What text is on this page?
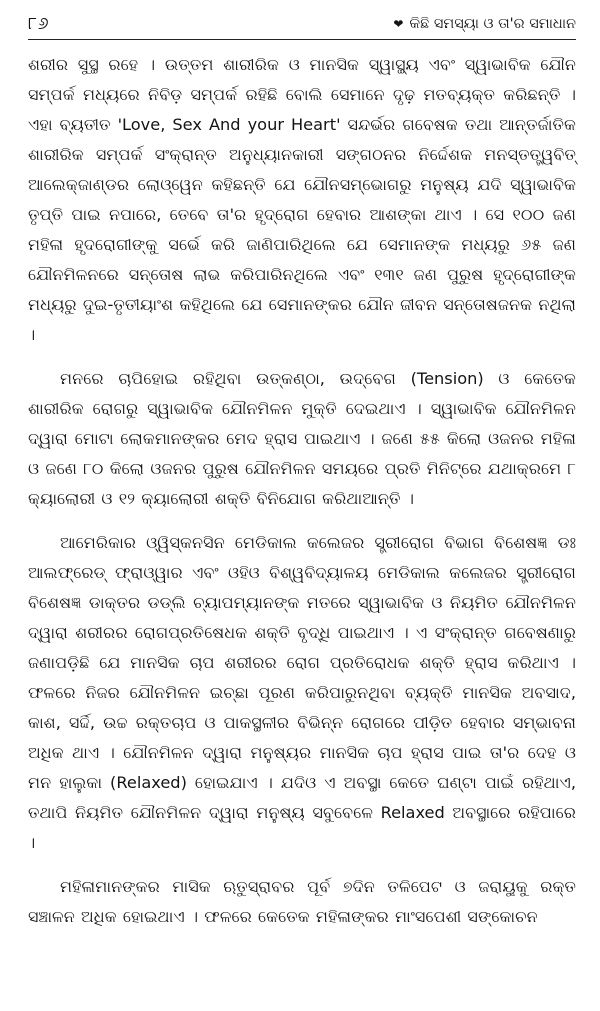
୮୬	❤ କିଛି ସମସ୍ୟା ଓ ତା'ର ସମାଧାନ

ଶରୀର ସୁସ୍ଥ ରହେ । ଉତ୍ତମ ଶାରୀରିକ ଓ ମାନସିକ ସ୍ୱାସ୍ଥ୍ୟ ଏବଂ ସ୍ୱାଭାବିକ ଯୌନ ସମ୍ପର୍କ ମଧ୍ୟରେ ନିବିଡ଼ ସମ୍ପର୍କ ରହିଛି ବୋଲି ସେମାନେ ଦୃଢ଼ ମତବ୍ୟକ୍ତ କରିଛନ୍ତି । ଏହା ବ୍ୟତୀତ 'Love, Sex And your Heart' ସନ୍ଦର୍ଭର ଗବେଷକ ତଥା ଆନ୍ତର୍ଜାତିକ ଶାରୀରିକ ସମ୍ପର୍କ ସଂକ୍ରାନ୍ତ ଅନୁଧ୍ୟାନକାରୀ ସଙ୍ଗଠନର ନିର୍ଦ୍ଦେଶକ ମନସ୍ତତ୍ତ୍ୱବିତ୍ ଆଲେକ୍‌ଜାଣ୍ଡର ଲୋଓ୍ୱେନ କହିଛନ୍ତି ଯେ ଯୌନସମ୍ଭୋଗରୁ ମନୁଷ୍ୟ ଯଦି ସ୍ୱାଭାବିକ ତୃପ୍ତି ପାଇ ନପାରେ, ତେବେ ତା'ର ହୃଦ୍‌ରୋଗ ହେବାର ଆଶଙ୍କା ଥାଏ । ସେ ୧୦୦ ଜଣ ମହିଳା ହୃଦରୋଗୀଙ୍କୁ ସର୍ଭେ କରି ଜାଣିପାରିଥିଲେ ଯେ ସେମାନଙ୍କ ମଧ୍ୟରୁ ୬୫ ଜଣ ଯୌନମିଳନରେ ସନ୍ତୋଷ ଲାଭ କରିପାରିନଥିଲେ ଏବଂ ୧୩୧ ଜଣ ପୁରୁଷ ହୃଦ୍‌ରୋଗୀଙ୍କ ମଧ୍ୟରୁ ଦୁଇ-ତୃତୀୟାଂଶ କହିଥିଲେ ଯେ ସେମାନଙ୍କର ଯୌନ ଜୀବନ ସନ୍ତୋଷଜନକ ନଥିଲା ।

ମନରେ ଚାପିହୋଇ ରହିଥିବା ଉତ୍କଣ୍ଠା, ଉଦ୍‌ବେଗ (Tension) ଓ କେତେକ ଶାରୀରିକ ରୋଗରୁ ସ୍ୱାଭାବିକ ଯୌନମିଳନ ମୁକ୍ତି ଦେଇଥାଏ । ସ୍ୱାଭାବିକ ଯୌନମିଳନ ଦ୍ୱାରା ମୋଟା ଲୋକମାନଙ୍କର ମେଦ ହ୍ରାସ ପାଇଥାଏ । ଜଣେ ୫୫ କିଲୋ ଓଜନର ମହିଳା ଓ ଜଣେ ୮୦ କିଲୋ ଓଜନର ପୁରୁଷ ଯୌନମିଳନ ସମୟରେ ପ୍ରତି ମିନିଟ୍‌ରେ ଯଥାକ୍ରମେ ୮ କ୍ୟାଲୋରୀ ଓ ୧୨ କ୍ୟାଲୋରୀ ଶକ୍ତି ବିନିଯୋଗ କରିଥାଆନ୍ତି ।

ଆମେରିକାର ଓ୍ୱିସ୍‌କନସିନ ମେଡିକାଲ କଲେଜର ସ୍ତ୍ରୀରୋଗ ବିଭାଗ ବିଶେଷଜ୍ଞ ଡଃ ଆଲଫ୍ରେଡ୍ ଫ୍ରାଓ୍ୱାର ଏବଂ ଓହିଓ ବିଶ୍ୱବିଦ୍ୟାଳୟ ମେଡିକାଲ କଲେଜର ସ୍ତ୍ରୀରୋଗ ବିଶେଷଜ୍ଞ ଡାକ୍ତର ଡଡ୍‌ଲି ଚ୍ୟାପମ୍ୟାନଙ୍କ ମତରେ ସ୍ୱାଭାବିକ ଓ ନିୟମିତ ଯୌନମିଳନ ଦ୍ୱାରା ଶରୀରର ରୋଗପ୍ରତିଷେଧକ ଶକ୍ତି ବୃଦ୍ଧି ପାଇଥାଏ । ଏ ସଂକ୍ରାନ୍ତ ଗବେଷଣାରୁ ଜଣାପଡ଼ିଛି ଯେ ମାନସିକ ଚାପ ଶରୀରର ରୋଗ ପ୍ରତିରୋଧକ ଶକ୍ତି ହ୍ରାସ କରିଥାଏ । ଫଳରେ ନିଜର ଯୌନମିଳନ ଇଚ୍ଛା ପୂରଣ କରିପାରୁନଥିବା ବ୍ୟକ୍ତି ମାନସିକ ଅବସାଦ, କାଶ, ସର୍ଦ୍ଦି, ଉଚ୍ଚ ରକ୍ତଚାପ ଓ ପାକସ୍ଥଳୀର ବିଭିନ୍ନ ରୋଗରେ ପୀଡ଼ିତ ହେବାର ସମ୍ଭାବନା ଅଧିକ ଥାଏ । ଯୌନମିଳନ ଦ୍ୱାରା ମନୁଷ୍ୟର ମାନସିକ ଚାପ ହ୍ରାସ ପାଇ ତା'ର ଦେହ ଓ ମନ ହାଲୁକା (Relaxed) ହୋଇଯାଏ । ଯଦିଓ ଏ ଅବସ୍ଥା କେତେ ଘଣ୍ଟା ପାଇଁ ରହିଥାଏ, ତଥାପି ନିୟମିତ ଯୌନମିଳନ ଦ୍ୱାରା ମନୁଷ୍ୟ ସବୁବେଳେ Relaxed ଅବସ୍ଥାରେ ରହିପାରେ ।

ମହିଳାମାନଙ୍କର ମାସିକ ଋତୁସ୍ରାବର ପୂର୍ବ ୭ଦିନ ତଳିପେଟ ଓ ଜରାୟୁକୁ ରକ୍ତ ସଞ୍ଚାଳନ ଅଧିକ ହୋଇଥାଏ । ଫଳରେ କେତେକ ମହିଳାଙ୍କର ମାଂସପେଶୀ ସଙ୍କୋଚନ
